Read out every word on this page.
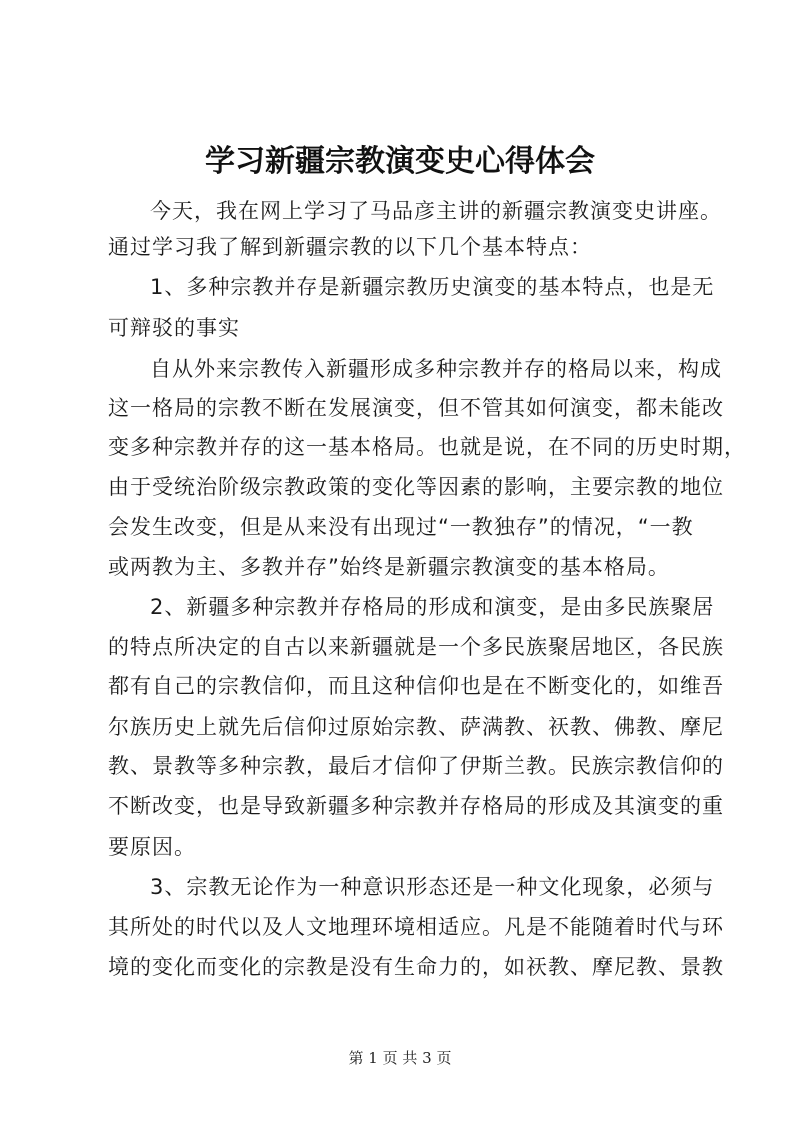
学习新疆宗教演变史心得体会
今天，我在网上学习了马品彦主讲的新疆宗教演变史讲座。
通过学习我了解到新疆宗教的以下几个基本特点：
1、多种宗教并存是新疆宗教历史演变的基本特点，也是无
可辩驳的事实
自从外来宗教传入新疆形成多种宗教并存的格局以来，构成
这一格局的宗教不断在发展演变，但不管其如何演变，都未能改
变多种宗教并存的这一基本格局。也就是说，在不同的历史时期，
由于受统治阶级宗教政策的变化等因素的影响，主要宗教的地位
会发生改变，但是从来没有出现过“一教独存”的情况，“一教
或两教为主、多教并存”始终是新疆宗教演变的基本格局。
2、新疆多种宗教并存格局的形成和演变，是由多民族聚居
的特点所决定的自古以来新疆就是一个多民族聚居地区，各民族
都有自己的宗教信仰，而且这种信仰也是在不断变化的，如维吾
尔族历史上就先后信仰过原始宗教、萨满教、祆教、佛教、摩尼
教、景教等多种宗教，最后才信仰了伊斯兰教。民族宗教信仰的
不断改变，也是导致新疆多种宗教并存格局的形成及其演变的重
要原因。
3、宗教无论作为一种意识形态还是一种文化现象，必须与
其所处的时代以及人文地理环境相适应。凡是不能随着时代与环
境的变化而变化的宗教是没有生命力的，如祆教、摩尼教、景教
第 1 页 共 3 页
